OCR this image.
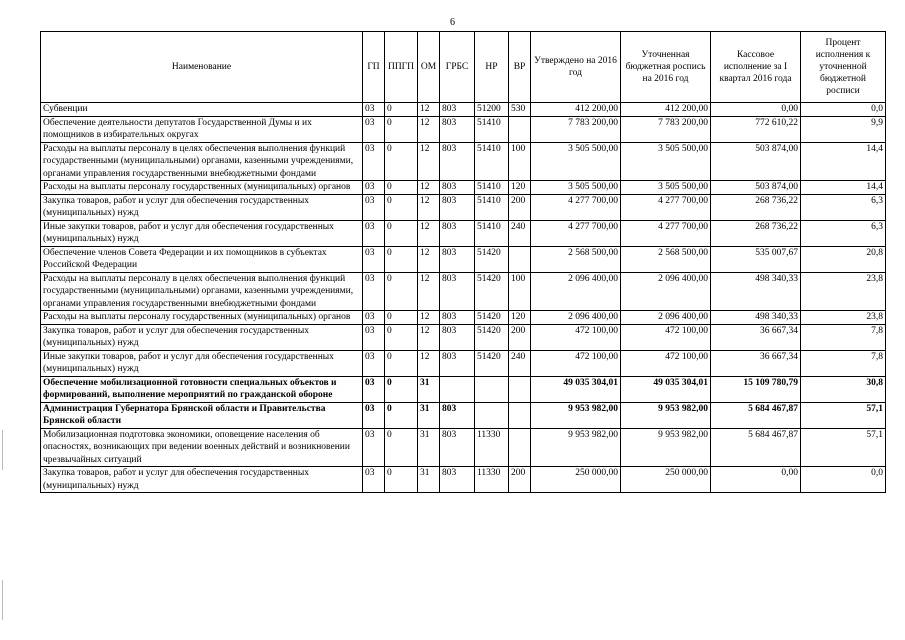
6
Наименование	ГП	ППГП	ОМ	ГРБС	НР	ВР	Утверждено на 2016 год	Уточненная бюджетная роспись на 2016 год	Кассовое исполнение за I квартал 2016 года	Процент исполнения к уточненной бюджетной росписи
Субвенции	03	0	12	803	51200	530	412 200,00	412 200,00	0,00	0,0
Обеспечение деятельности депутатов Государственной Думы и их помощников в избирательных округах	03	0	12	803	51410		7 783 200,00	7 783 200,00	772 610,22	9,9
Расходы на выплаты персоналу в целях обеспечения выполнения функций государственными (муниципальными) органами, казенными учреждениями, органами управления государственными внебюджетными фондами	03	0	12	803	51410	100	3 505 500,00	3 505 500,00	503 874,00	14,4
Расходы на выплаты персоналу государственных (муниципальных) органов	03	0	12	803	51410	120	3 505 500,00	3 505 500,00	503 874,00	14,4
Закупка товаров, работ и услуг для обеспечения государственных (муниципальных) нужд	03	0	12	803	51410	200	4 277 700,00	4 277 700,00	268 736,22	6,3
Иные закупки товаров, работ и услуг для обеспечения государственных (муниципальных) нужд	03	0	12	803	51410	240	4 277 700,00	4 277 700,00	268 736,22	6,3
Обеспечение членов Совета Федерации и их помощников в субъектах Российской Федерации	03	0	12	803	51420		2 568 500,00	2 568 500,00	535 007,67	20,8
Расходы на выплаты персоналу в целях обеспечения выполнения функций государственными (муниципальными) органами, казенными учреждениями, органами управления государственными внебюджетными фондами	03	0	12	803	51420	100	2 096 400,00	2 096 400,00	498 340,33	23,8
Расходы на выплаты персоналу государственных (муниципальных) органов	03	0	12	803	51420	120	2 096 400,00	2 096 400,00	498 340,33	23,8
Закупка товаров, работ и услуг для обеспечения государственных (муниципальных) нужд	03	0	12	803	51420	200	472 100,00	472 100,00	36 667,34	7,8
Иные закупки товаров, работ и услуг для обеспечения государственных (муниципальных) нужд	03	0	12	803	51420	240	472 100,00	472 100,00	36 667,34	7,8
Обеспечение мобилизационной готовности специальных объектов и формирований, выполнение мероприятий по гражданской обороне	03	0	31				49 035 304,01	49 035 304,01	15 109 780,79	30,8
Администрация Губернатора Брянской области и Правительства Брянской области	03	0	31	803			9 953 982,00	9 953 982,00	5 684 467,87	57,1
Мобилизационная подготовка экономики, оповещение населения об опасностях, возникающих при ведении военных действий и возникновении чрезвычайных ситуаций	03	0	31	803	11330		9 953 982,00	9 953 982,00	5 684 467,87	57,1
Закупка товаров, работ и услуг для обеспечения государственных (муниципальных) нужд	03	0	31	803	11330	200	250 000,00	250 000,00	0,00	0,0
